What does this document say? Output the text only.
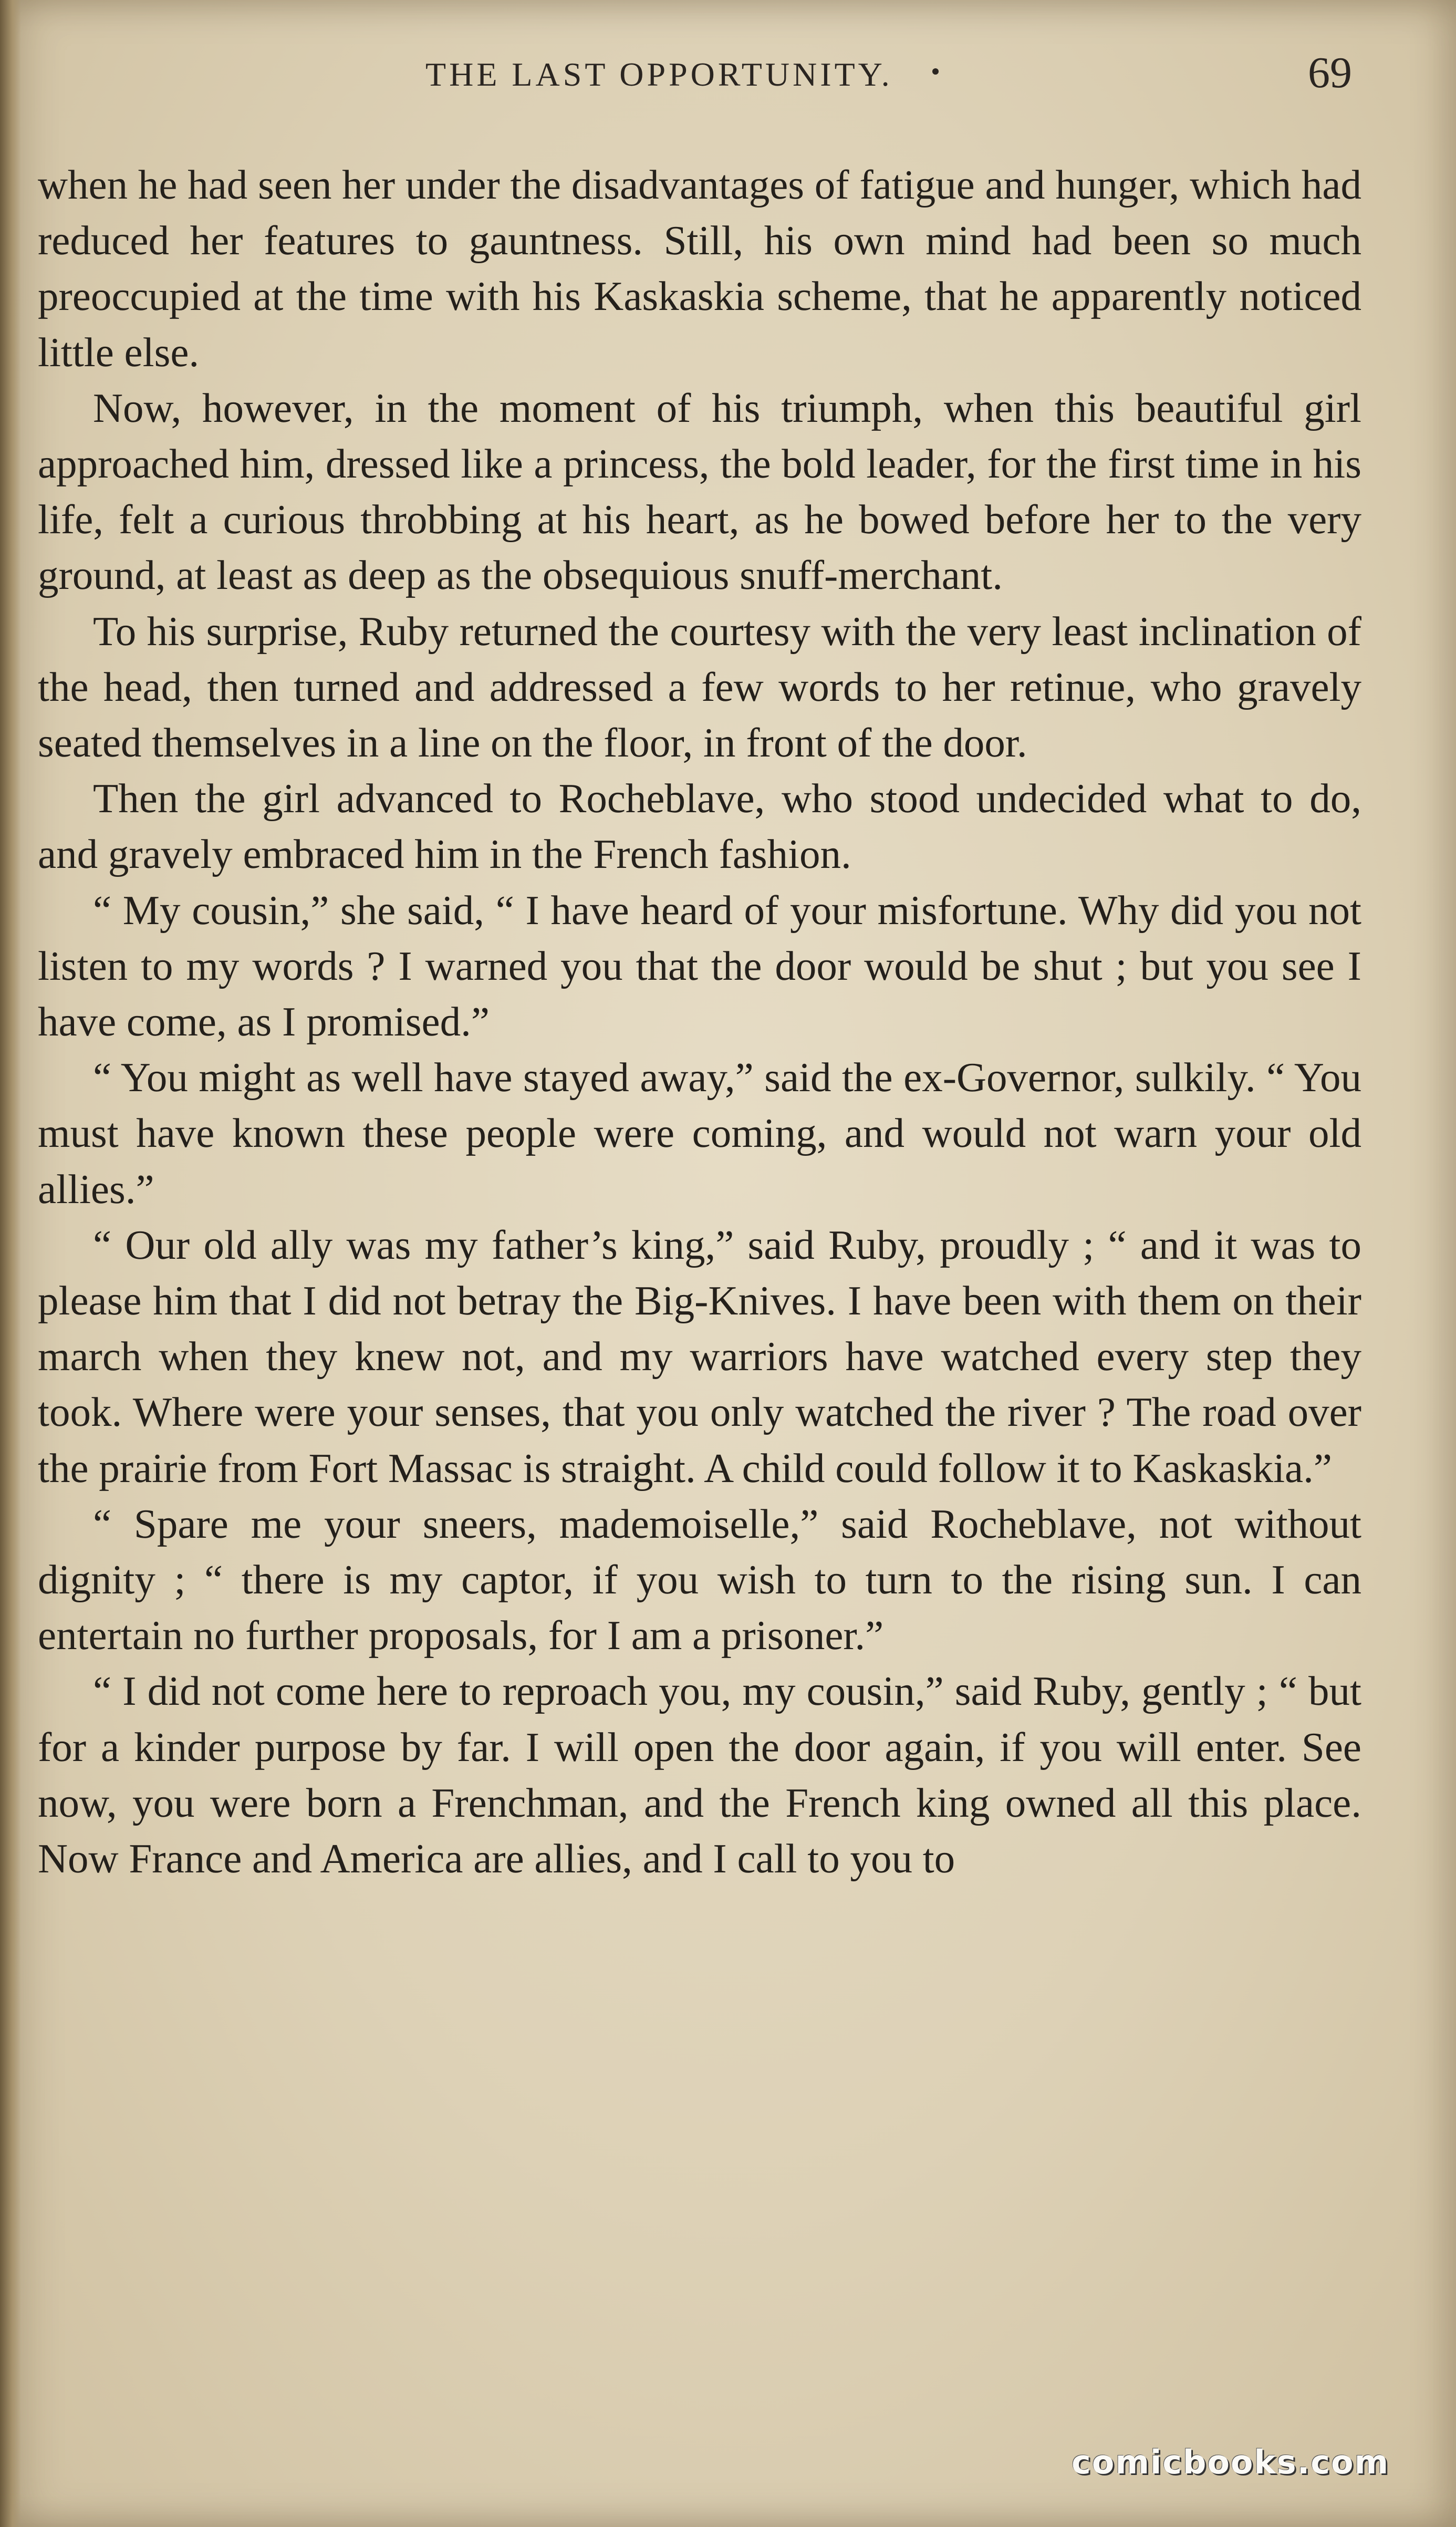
THE LAST OPPORTUNITY.	69

when he had seen her under the disadvantages of fatigue and hunger, which had reduced her features to gauntness. Still, his own mind had been so much preoccupied at the time with his Kaskaskia scheme, that he apparently noticed little else.

Now, however, in the moment of his triumph, when this beautiful girl approached him, dressed like a princess, the bold leader, for the first time in his life, felt a curious throbbing at his heart, as he bowed before her to the very ground, at least as deep as the obsequious snuff-merchant.

To his surprise, Ruby returned the courtesy with the very least inclination of the head, then turned and addressed a few words to her retinue, who gravely seated themselves in a line on the floor, in front of the door.

Then the girl advanced to Rocheblave, who stood undecided what to do, and gravely embraced him in the French fashion.

“ My cousin,” she said, “ I have heard of your misfortune. Why did you not listen to my words ? I warned you that the door would be shut ; but you see I have come, as I promised.”

“ You might as well have stayed away,” said the ex-Governor, sulkily. “ You must have known these people were coming, and would not warn your old allies.”

“ Our old ally was my father’s king,” said Ruby, proudly ; “ and it was to please him that I did not betray the Big-Knives. I have been with them on their march when they knew not, and my warriors have watched every step they took. Where were your senses, that you only watched the river ? The road over the prairie from Fort Massac is straight. A child could follow it to Kaskaskia.”

“ Spare me your sneers, mademoiselle,” said Rocheblave, not without dignity ; “ there is my captor, if you wish to turn to the rising sun. I can entertain no further proposals, for I am a prisoner.”

“ I did not come here to reproach you, my cousin,” said Ruby, gently ; “ but for a kinder purpose by far. I will open the door again, if you will enter. See now, you were born a Frenchman, and the French king owned all this place. Now France and America are allies, and I call to you to

comicbooks.com
